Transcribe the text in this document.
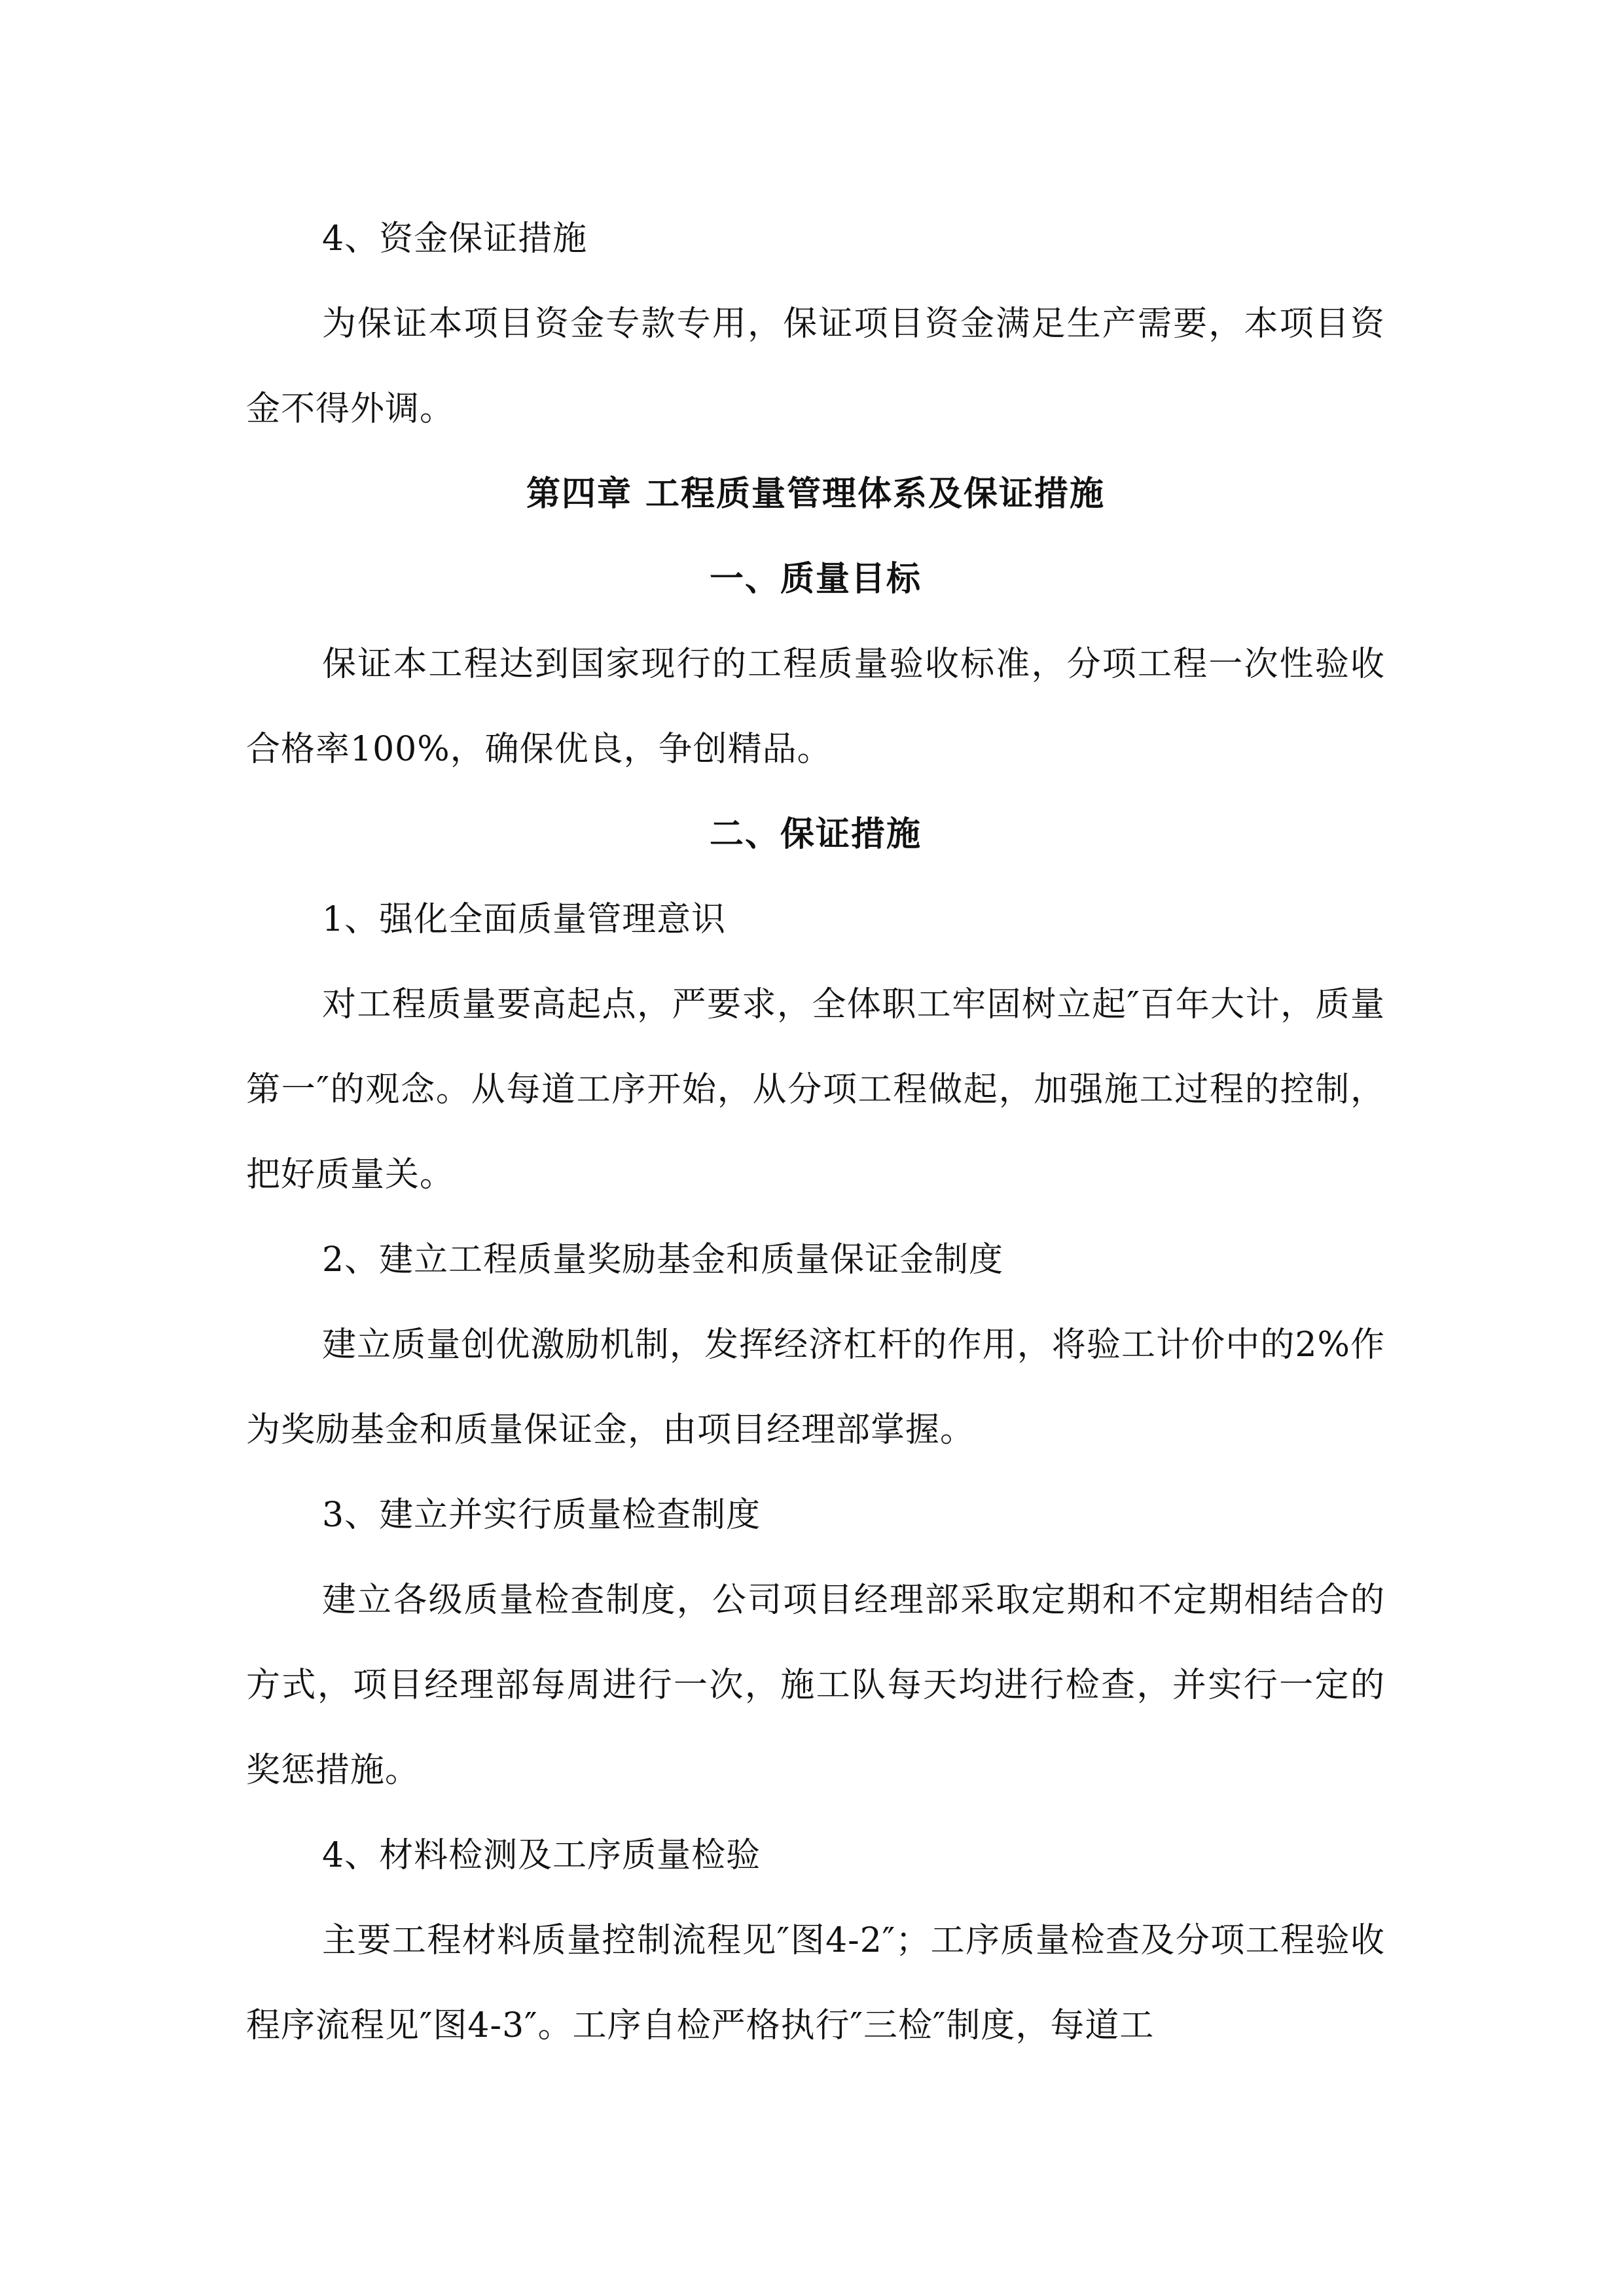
4、资金保证措施

为保证本项目资金专款专用，保证项目资金满足生产需要，本项目资金不得外调。

第四章 工程质量管理体系及保证措施
一、质量目标

保证本工程达到国家现行的工程质量验收标准，分项工程一次性验收合格率100%，确保优良，争创精品。

二、保证措施

1、强化全面质量管理意识

对工程质量要高起点，严要求，全体职工牢固树立起″百年大计，质量第一″的观念。从每道工序开始，从分项工程做起，加强施工过程的控制，把好质量关。

2、建立工程质量奖励基金和质量保证金制度

建立质量创优激励机制，发挥经济杠杆的作用，将验工计价中的2%作为奖励基金和质量保证金，由项目经理部掌握。

3、建立并实行质量检查制度

建立各级质量检查制度，公司项目经理部采取定期和不定期相结合的方式，项目经理部每周进行一次，施工队每天均进行检查，并实行一定的奖惩措施。

4、材料检测及工序质量检验

主要工程材料质量控制流程见″图4-2″；工序质量检查及分项工程验收程序流程见″图4-3″。工序自检严格执行″三检″制度，每道工
